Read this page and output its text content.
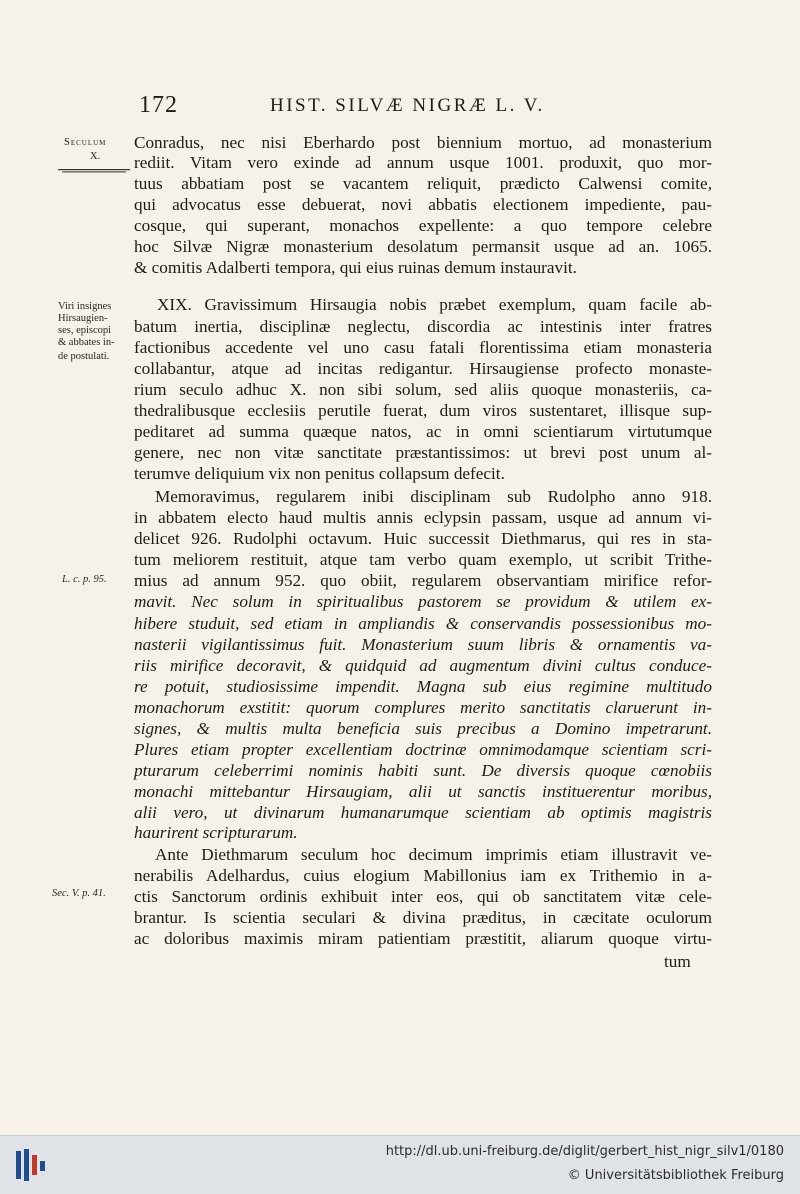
172	HIST. SILVÆ NIGRÆ L. V.
Seculum
X.
Viri insignes
Hirsaugien-
ses, episcopi
& abbates in-
de postulati.
L. c. p. 95.
Sec. V. p. 41.
Conradus, nec nisi Eberhardo post biennium mortuo, ad monasterium
rediit. Vitam vero exinde ad annum usque 1001. produxit, quo mor-
tuus abbatiam post se vacantem reliquit, prædicto Calwensi comite,
qui advocatus esse debuerat, novi abbatis electionem impediente, pau-
cosque, qui superant, monachos expellente: a quo tempore celebre
hoc Silvæ Nigræ monasterium desolatum permansit usque ad an. 1065.
& comitis Adalberti tempora, qui eius ruinas demum instauravit.
XIX. Gravissimum Hirsaugia nobis præbet exemplum, quam facile ab-
batum inertia, disciplinæ neglectu, discordia ac intestinis inter fratres
factionibus accedente vel uno casu fatali florentissima etiam monasteria
collabantur, atque ad incitas redigantur. Hirsaugiense profecto monaste-
rium seculo adhuc X. non sibi solum, sed aliis quoque monasteriis, ca-
thedralibusque ecclesiis perutile fuerat, dum viros sustentaret, illisque sup-
peditaret ad summa quæque natos, ac in omni scientiarum virtutumque
genere, nec non vitæ sanctitate præstantissimos: ut brevi post unum al-
terumve deliquium vix non penitus collapsum defecit.
Memoravimus, regularem inibi disciplinam sub Rudolpho anno 918.
in abbatem electo haud multis annis eclypsin passam, usque ad annum vi-
delicet 926. Rudolphi octavum. Huic successit Diethmarus, qui res in sta-
tum meliorem restituit, atque tam verbo quam exemplo, ut scribit Trithe-
mius ad annum 952. quo obiit, regularem observantiam mirifice refor-
mavit. Nec solum in spiritualibus pastorem se providum & utilem ex-
hibere studuit, sed etiam in ampliandis & conservandis possessionibus mo-
nasterii vigilantissimus fuit. Monasterium suum libris & ornamentis va-
riis mirifice decoravit, & quidquid ad augmentum divini cultus conduce-
re potuit, studiosissime impendit. Magna sub eius regimine multitudo
monachorum exstitit: quorum complures merito sanctitatis claruerunt in-
signes, & multis multa beneficia suis precibus a Domino impetrarunt.
Plures etiam propter excellentiam doctrinæ omnimodamque scientiam scri-
pturarum celeberrimi nominis habiti sunt. De diversis quoque cœnobiis
monachi mittebantur Hirsaugiam, alii ut sanctis instituerentur moribus,
alii vero, ut divinarum humanarumque scientiam ab optimis magistris
haurirent scripturarum.
Ante Diethmarum seculum hoc decimum imprimis etiam illustravit ve-
nerabilis Adelhardus, cuius elogium Mabillonius iam ex Trithemio in a-
ctis Sanctorum ordinis exhibuit inter eos, qui ob sanctitatem vitæ cele-
brantur. Is scientia seculari & divina præditus, in cæcitate oculorum
ac doloribus maximis miram patientiam præstitit, aliarum quoque virtu-
tum
http://dl.ub.uni-freiburg.de/diglit/gerbert_hist_nigr_silv1/0180
© Universitätsbibliothek Freiburg
